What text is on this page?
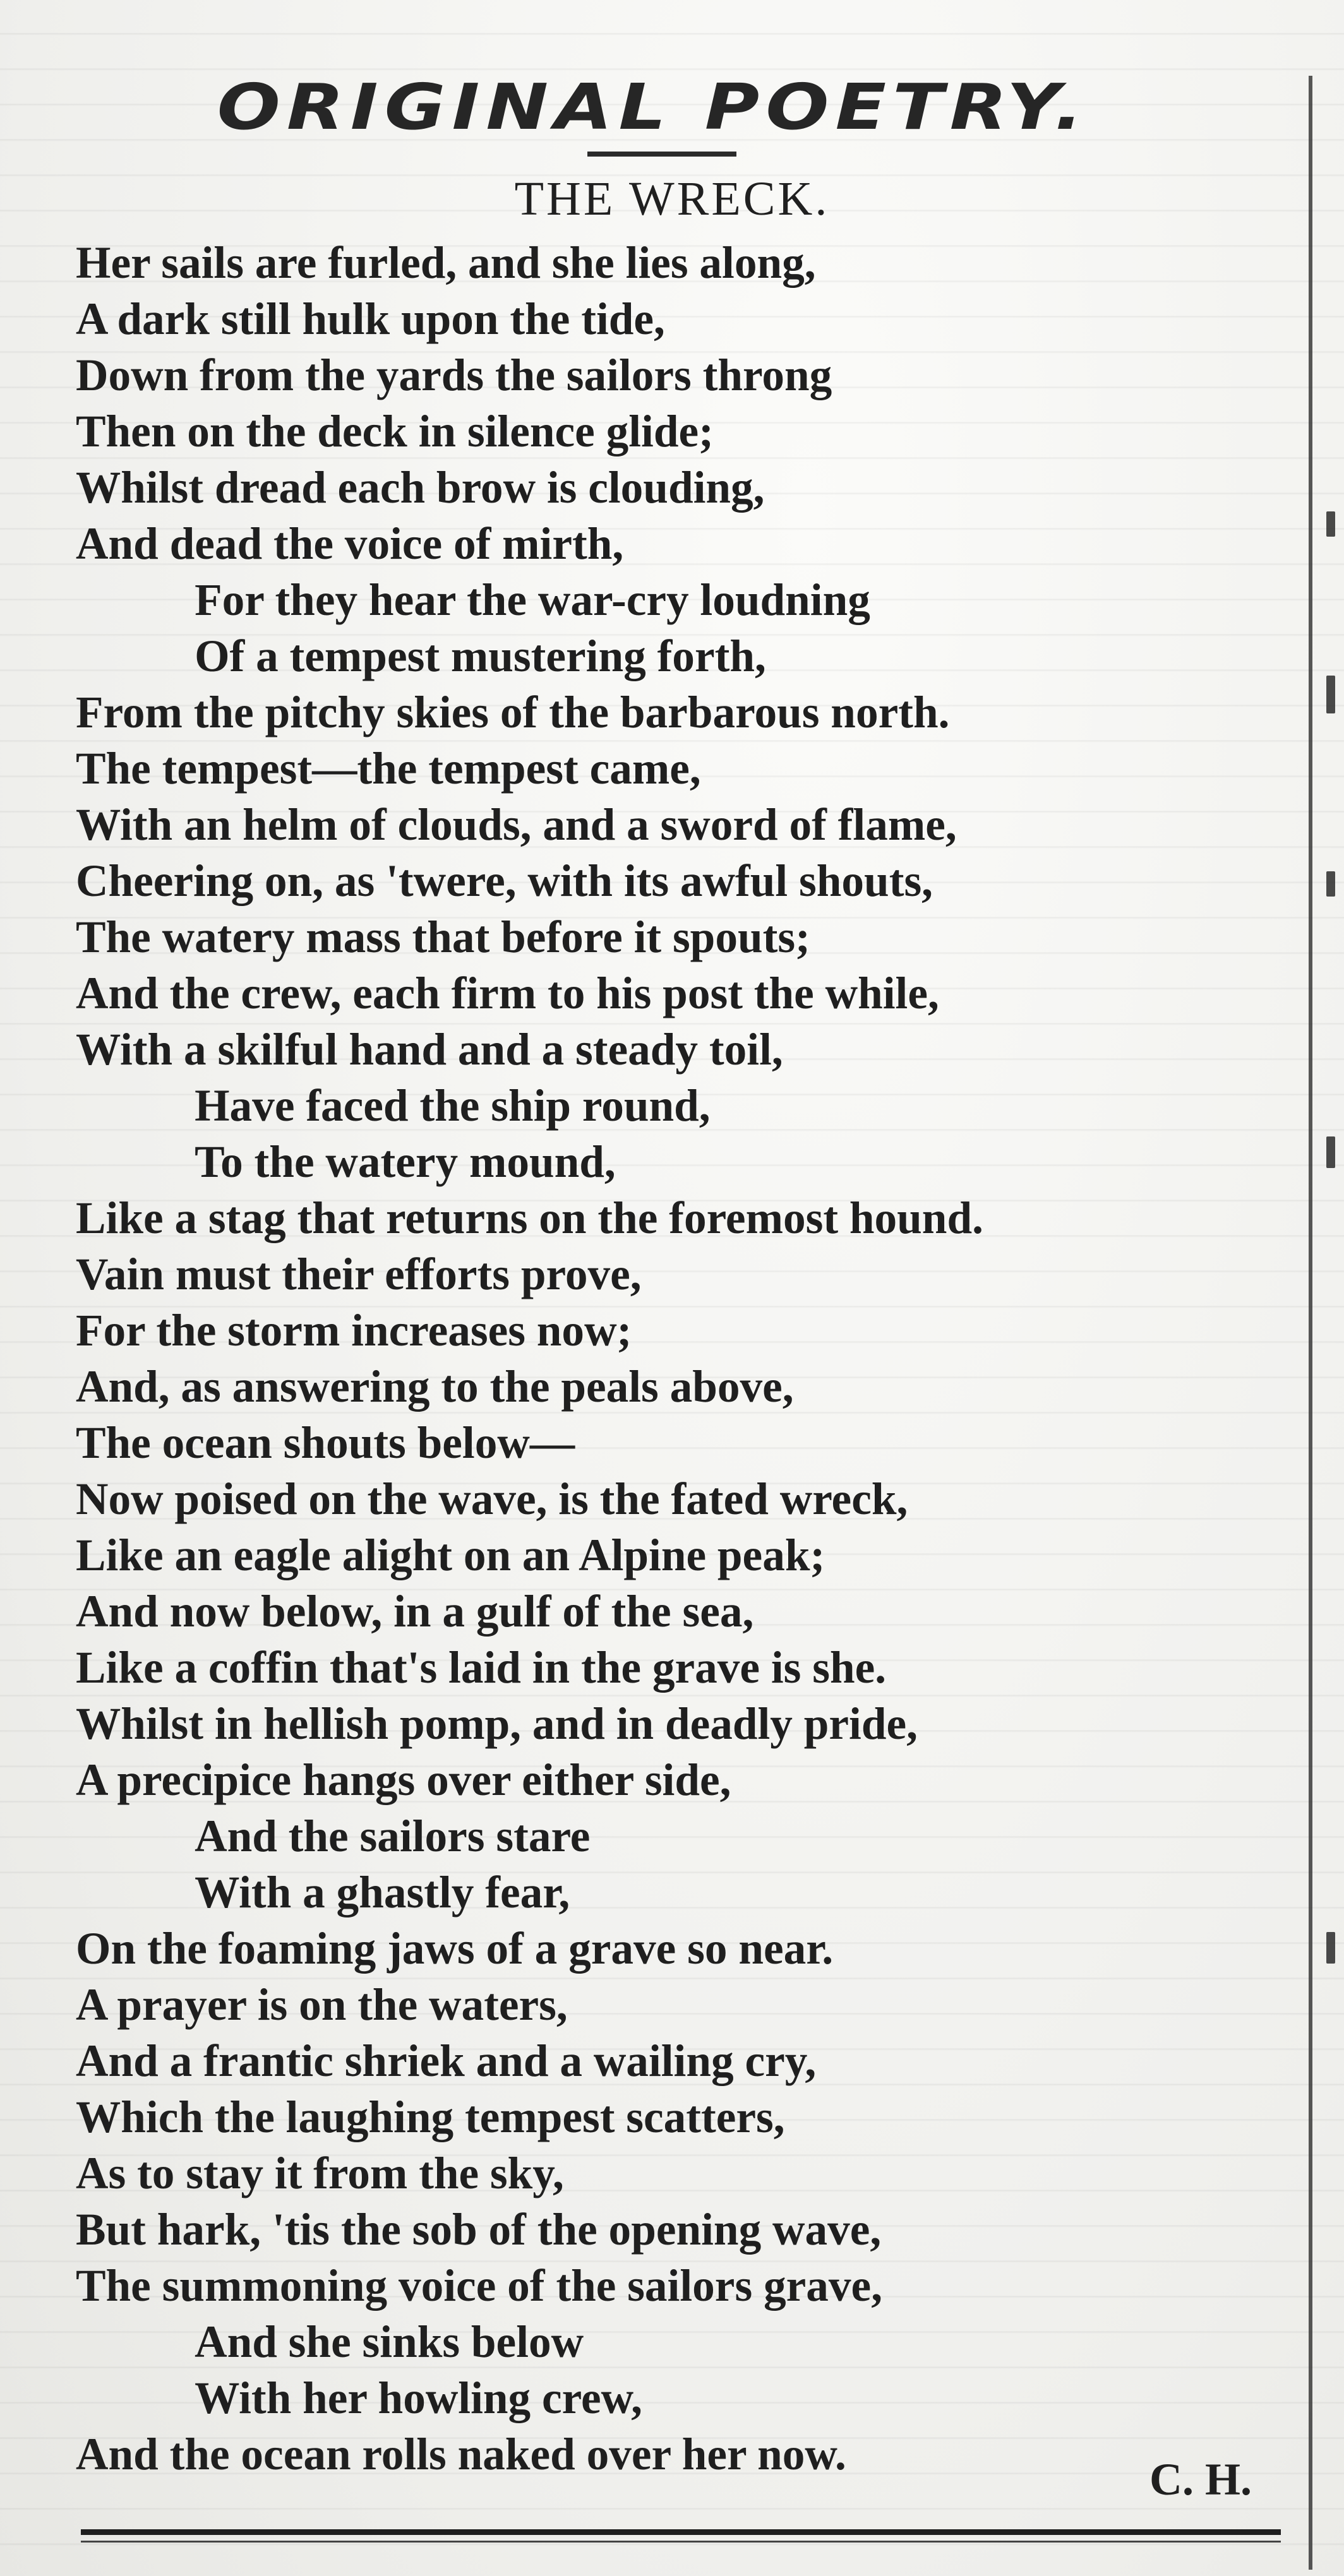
ORIGINAL POETRY.
THE WRECK.
Her sails are furled, and she lies along,
A dark still hulk upon the tide,
Down from the yards the sailors throng
Then on the deck in silence glide;
Whilst dread each brow is clouding,
And dead the voice of mirth,
For they hear the war-cry loudning
Of a tempest mustering forth,
From the pitchy skies of the barbarous north.
The tempest—the tempest came,
With an helm of clouds, and a sword of flame,
Cheering on, as 'twere, with its awful shouts,
The watery mass that before it spouts;
And the crew, each firm to his post the while,
With a skilful hand and a steady toil,
Have faced the ship round,
To the watery mound,
Like a stag that returns on the foremost hound.
Vain must their efforts prove,
For the storm increases now;
And, as answering to the peals above,
The ocean shouts below—
Now poised on the wave, is the fated wreck,
Like an eagle alight on an Alpine peak;
And now below, in a gulf of the sea,
Like a coffin that's laid in the grave is she.
Whilst in hellish pomp, and in deadly pride,
A precipice hangs over either side,
And the sailors stare
With a ghastly fear,
On the foaming jaws of a grave so near.
A prayer is on the waters,
And a frantic shriek and a wailing cry,
Which the laughing tempest scatters,
As to stay it from the sky,
But hark, 'tis the sob of the opening wave,
The summoning voice of the sailors grave,
And she sinks below
With her howling crew,
And the ocean rolls naked over her now.	C. H.
